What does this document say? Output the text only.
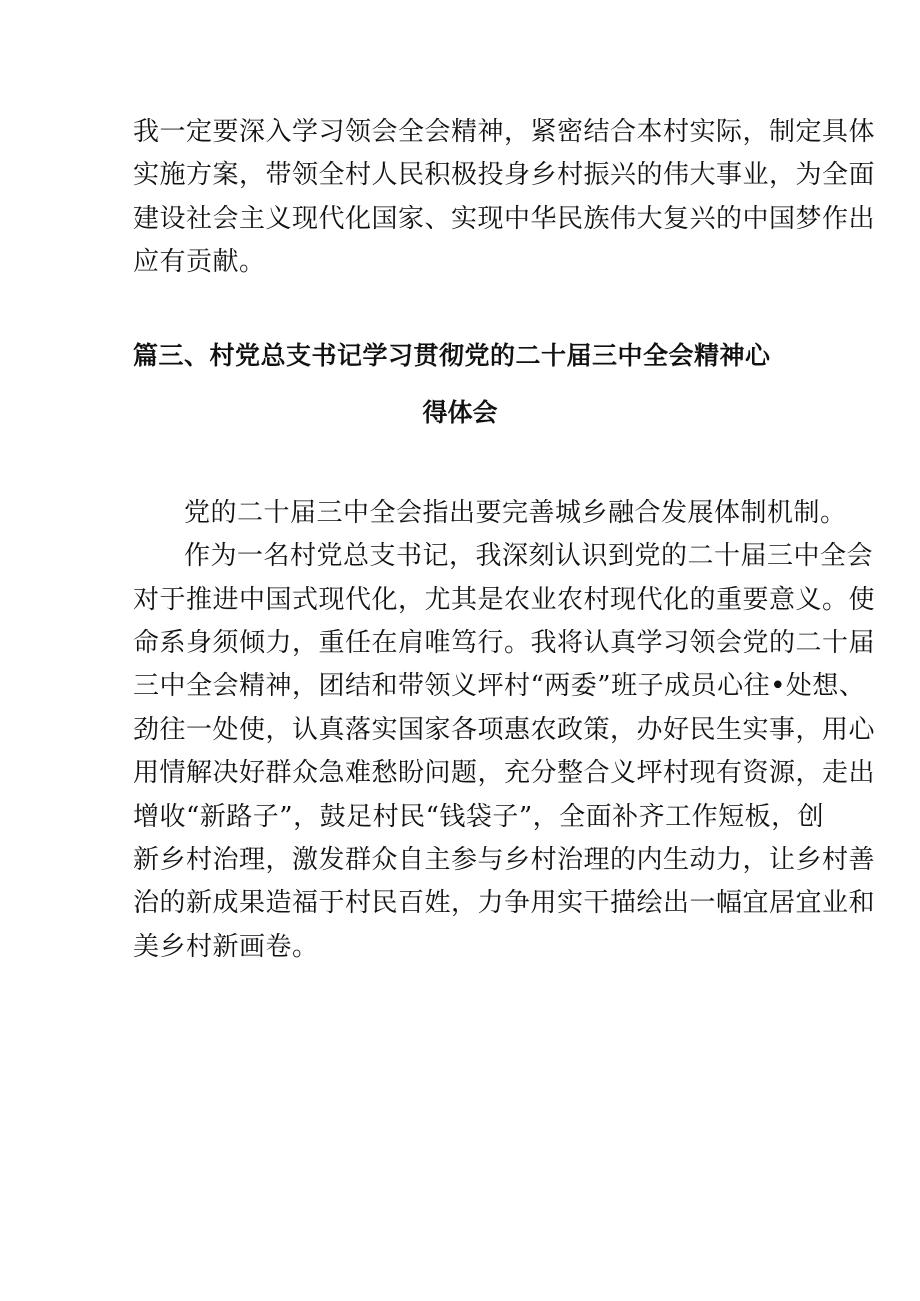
我一定要深入学习领会全会精神，紧密结合本村实际，制定具体
实施方案，带领全村人民积极投身乡村振兴的伟大事业，为全面
建设社会主义现代化国家、实现中华民族伟大复兴的中国梦作出
应有贡献。
篇三、村党总支书记学习贯彻党的二十届三中全会精神心
得体会
党的二十届三中全会指出要完善城乡融合发展体制机制。
作为一名村党总支书记，我深刻认识到党的二十届三中全会
对于推进中国式现代化，尤其是农业农村现代化的重要意义。使
命系身须倾力，重任在肩唯笃行。我将认真学习领会党的二十届
三中全会精神，团结和带领义坪村“两委”班子成员心往•处想、
劲往一处使，认真落实国家各项惠农政策，办好民生实事，用心
用情解决好群众急难愁盼问题，充分整合义坪村现有资源，走出
增收“新路子”，鼓足村民“钱袋子”，全面补齐工作短板，创
新乡村治理，激发群众自主参与乡村治理的内生动力，让乡村善
治的新成果造福于村民百姓，力争用实干描绘出一幅宜居宜业和
美乡村新画卷。
